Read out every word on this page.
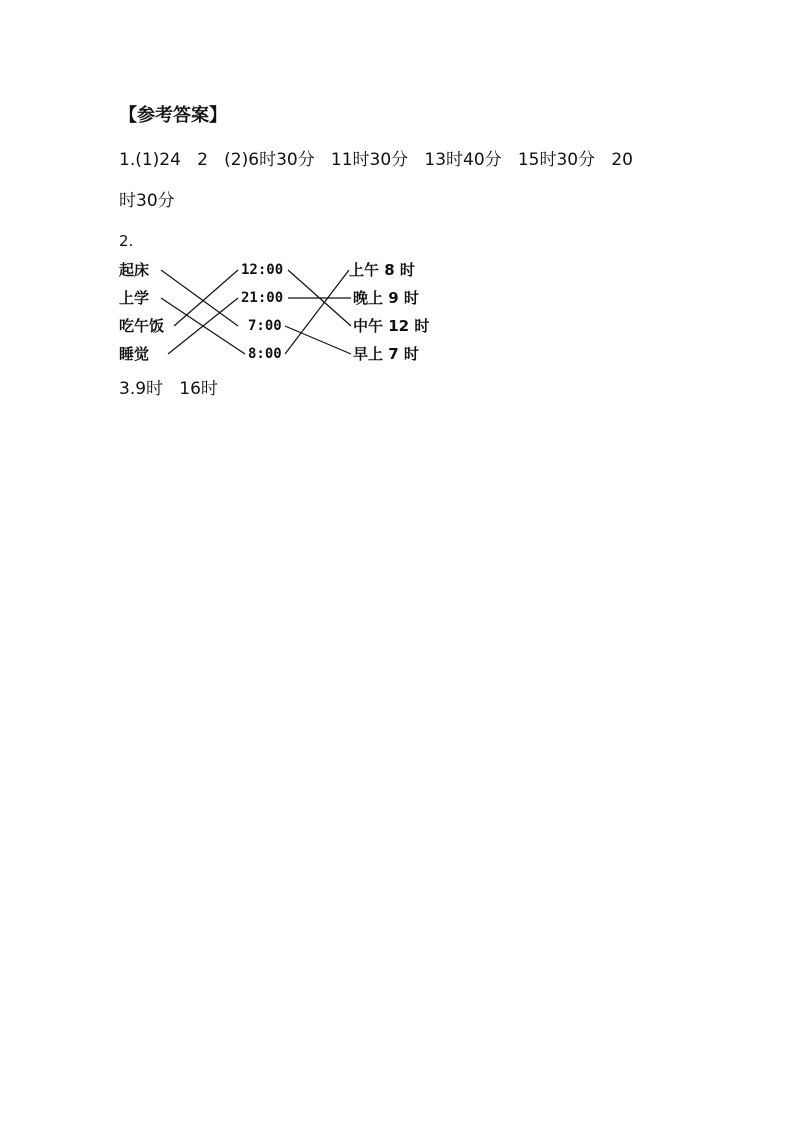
【参考答案】
1.(1)24   2   (2)6时30分   11时30分   13时40分   15时30分   20
时30分
2.
起床
上学
吃午饭
睡觉
12:00
21:00
7:00
8:00
上午 8 时
晚上 9 时
中午 12 时
早上 7 时
3.9时   16时
